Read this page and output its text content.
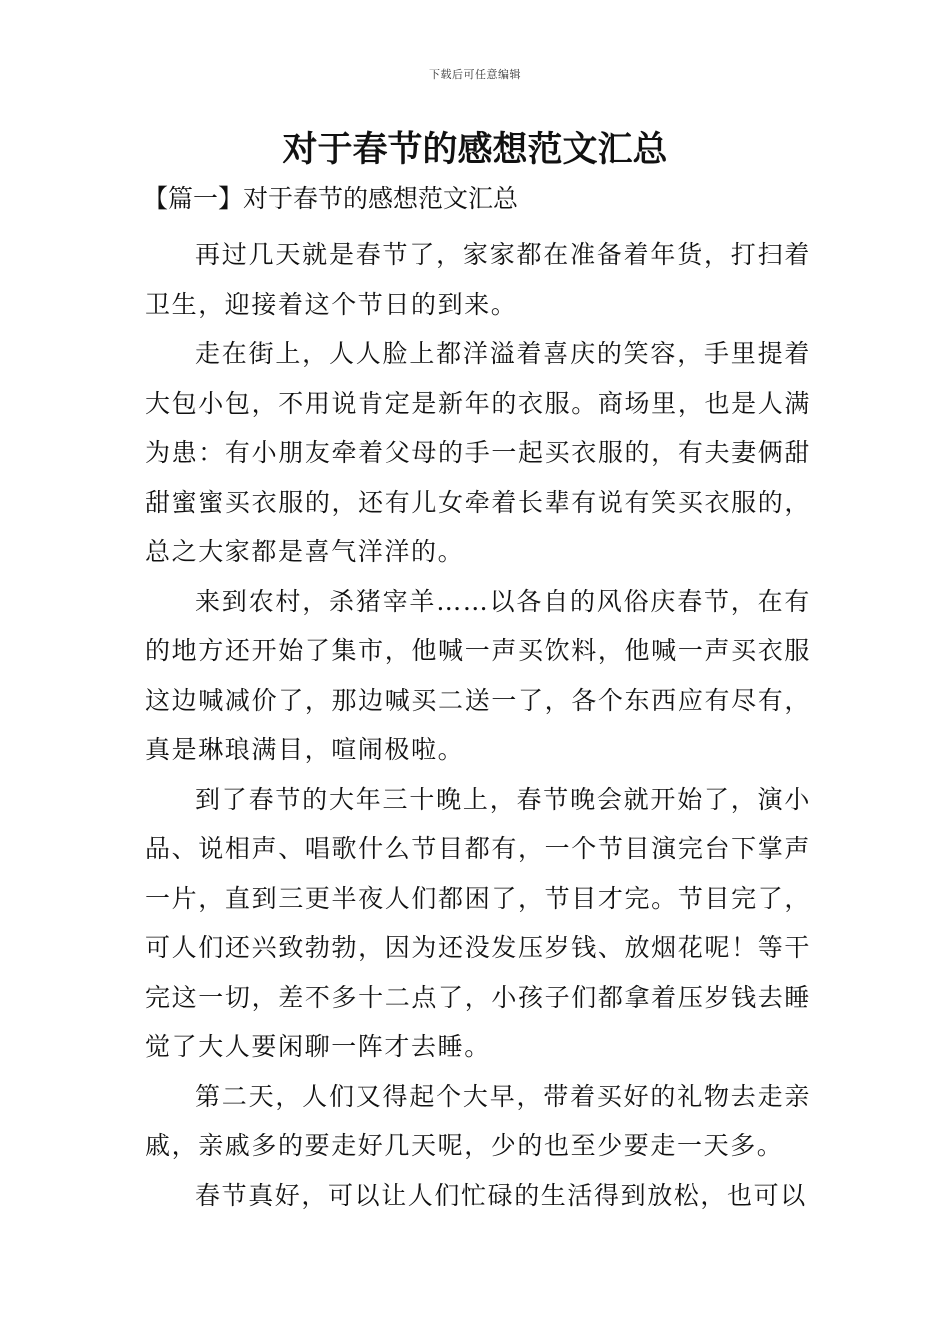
下载后可任意编辑
对于春节的感想范文汇总
【篇一】对于春节的感想范文汇总

再过几天就是春节了，家家都在准备着年货，打扫着卫生，迎接着这个节日的到来。

走在街上，人人脸上都洋溢着喜庆的笑容，手里提着大包小包，不用说肯定是新年的衣服。商场里，也是人满为患：有小朋友牵着父母的手一起买衣服的，有夫妻俩甜甜蜜蜜买衣服的，还有儿女牵着长辈有说有笑买衣服的，总之大家都是喜气洋洋的。

来到农村，杀猪宰羊……以各自的风俗庆春节，在有的地方还开始了集市，他喊一声买饮料，他喊一声买衣服这边喊减价了，那边喊买二送一了，各个东西应有尽有，真是琳琅满目，喧闹极啦。

到了春节的大年三十晚上，春节晚会就开始了，演小品、说相声、唱歌什么节目都有，一个节目演完台下掌声一片，直到三更半夜人们都困了，节目才完。节目完了，可人们还兴致勃勃，因为还没发压岁钱、放烟花呢！等干完这一切，差不多十二点了，小孩子们都拿着压岁钱去睡觉了大人要闲聊一阵才去睡。

第二天，人们又得起个大早，带着买好的礼物去走亲戚，亲戚多的要走好几天呢，少的也至少要走一天多。

春节真好，可以让人们忙碌的生活得到放松，也可以
